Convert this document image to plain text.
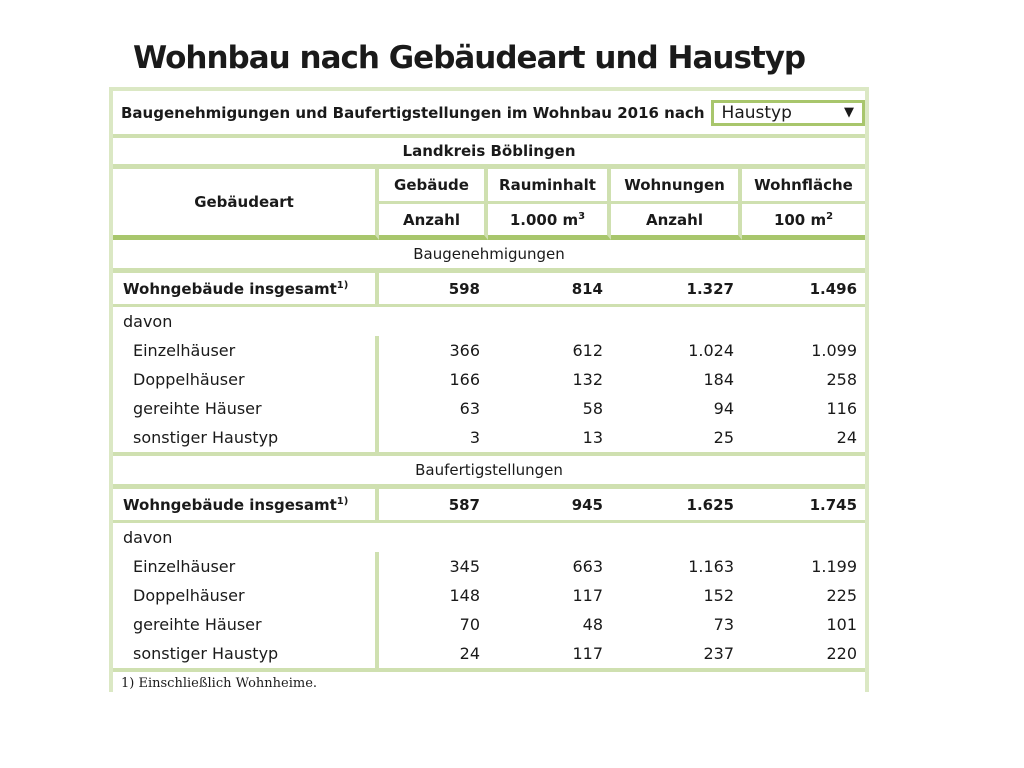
Wohnbau nach Gebäudeart und Haustyp
Baugenehmigungen und Baufertigstellungen im Wohnbau 2016 nach Haustyp ▼				

Landkreis Böblingen				
Gebäudeart	Gebäude	Rauminhalt	Wohnungen	Wohnfläche
	Anzahl	1.000 $m^3$	Anzahl	100 $m^2$
Baugenehmigungen				
Wohngebäude insgesamt$^{1)}$	598	814	1.327	1.496
davon				
Einzelhäuser	366	612	1.024	1.099
Doppelhäuser	166	132	184	258
gereihte Häuser	63	58	94	116
sonstiger Haustyp	3	13	25	24
Baufertigstellungen				
Wohngebäude insgesamt$^{1)}$	587	945	1.625	1.745
davon				
Einzelhäuser	345	663	1.163	1.199
Doppelhäuser	148	117	152	225
gereihte Häuser	70	48	73	101
sonstiger Haustyp	24	117	237	220
1) Einschließlich Wohnheime.				
